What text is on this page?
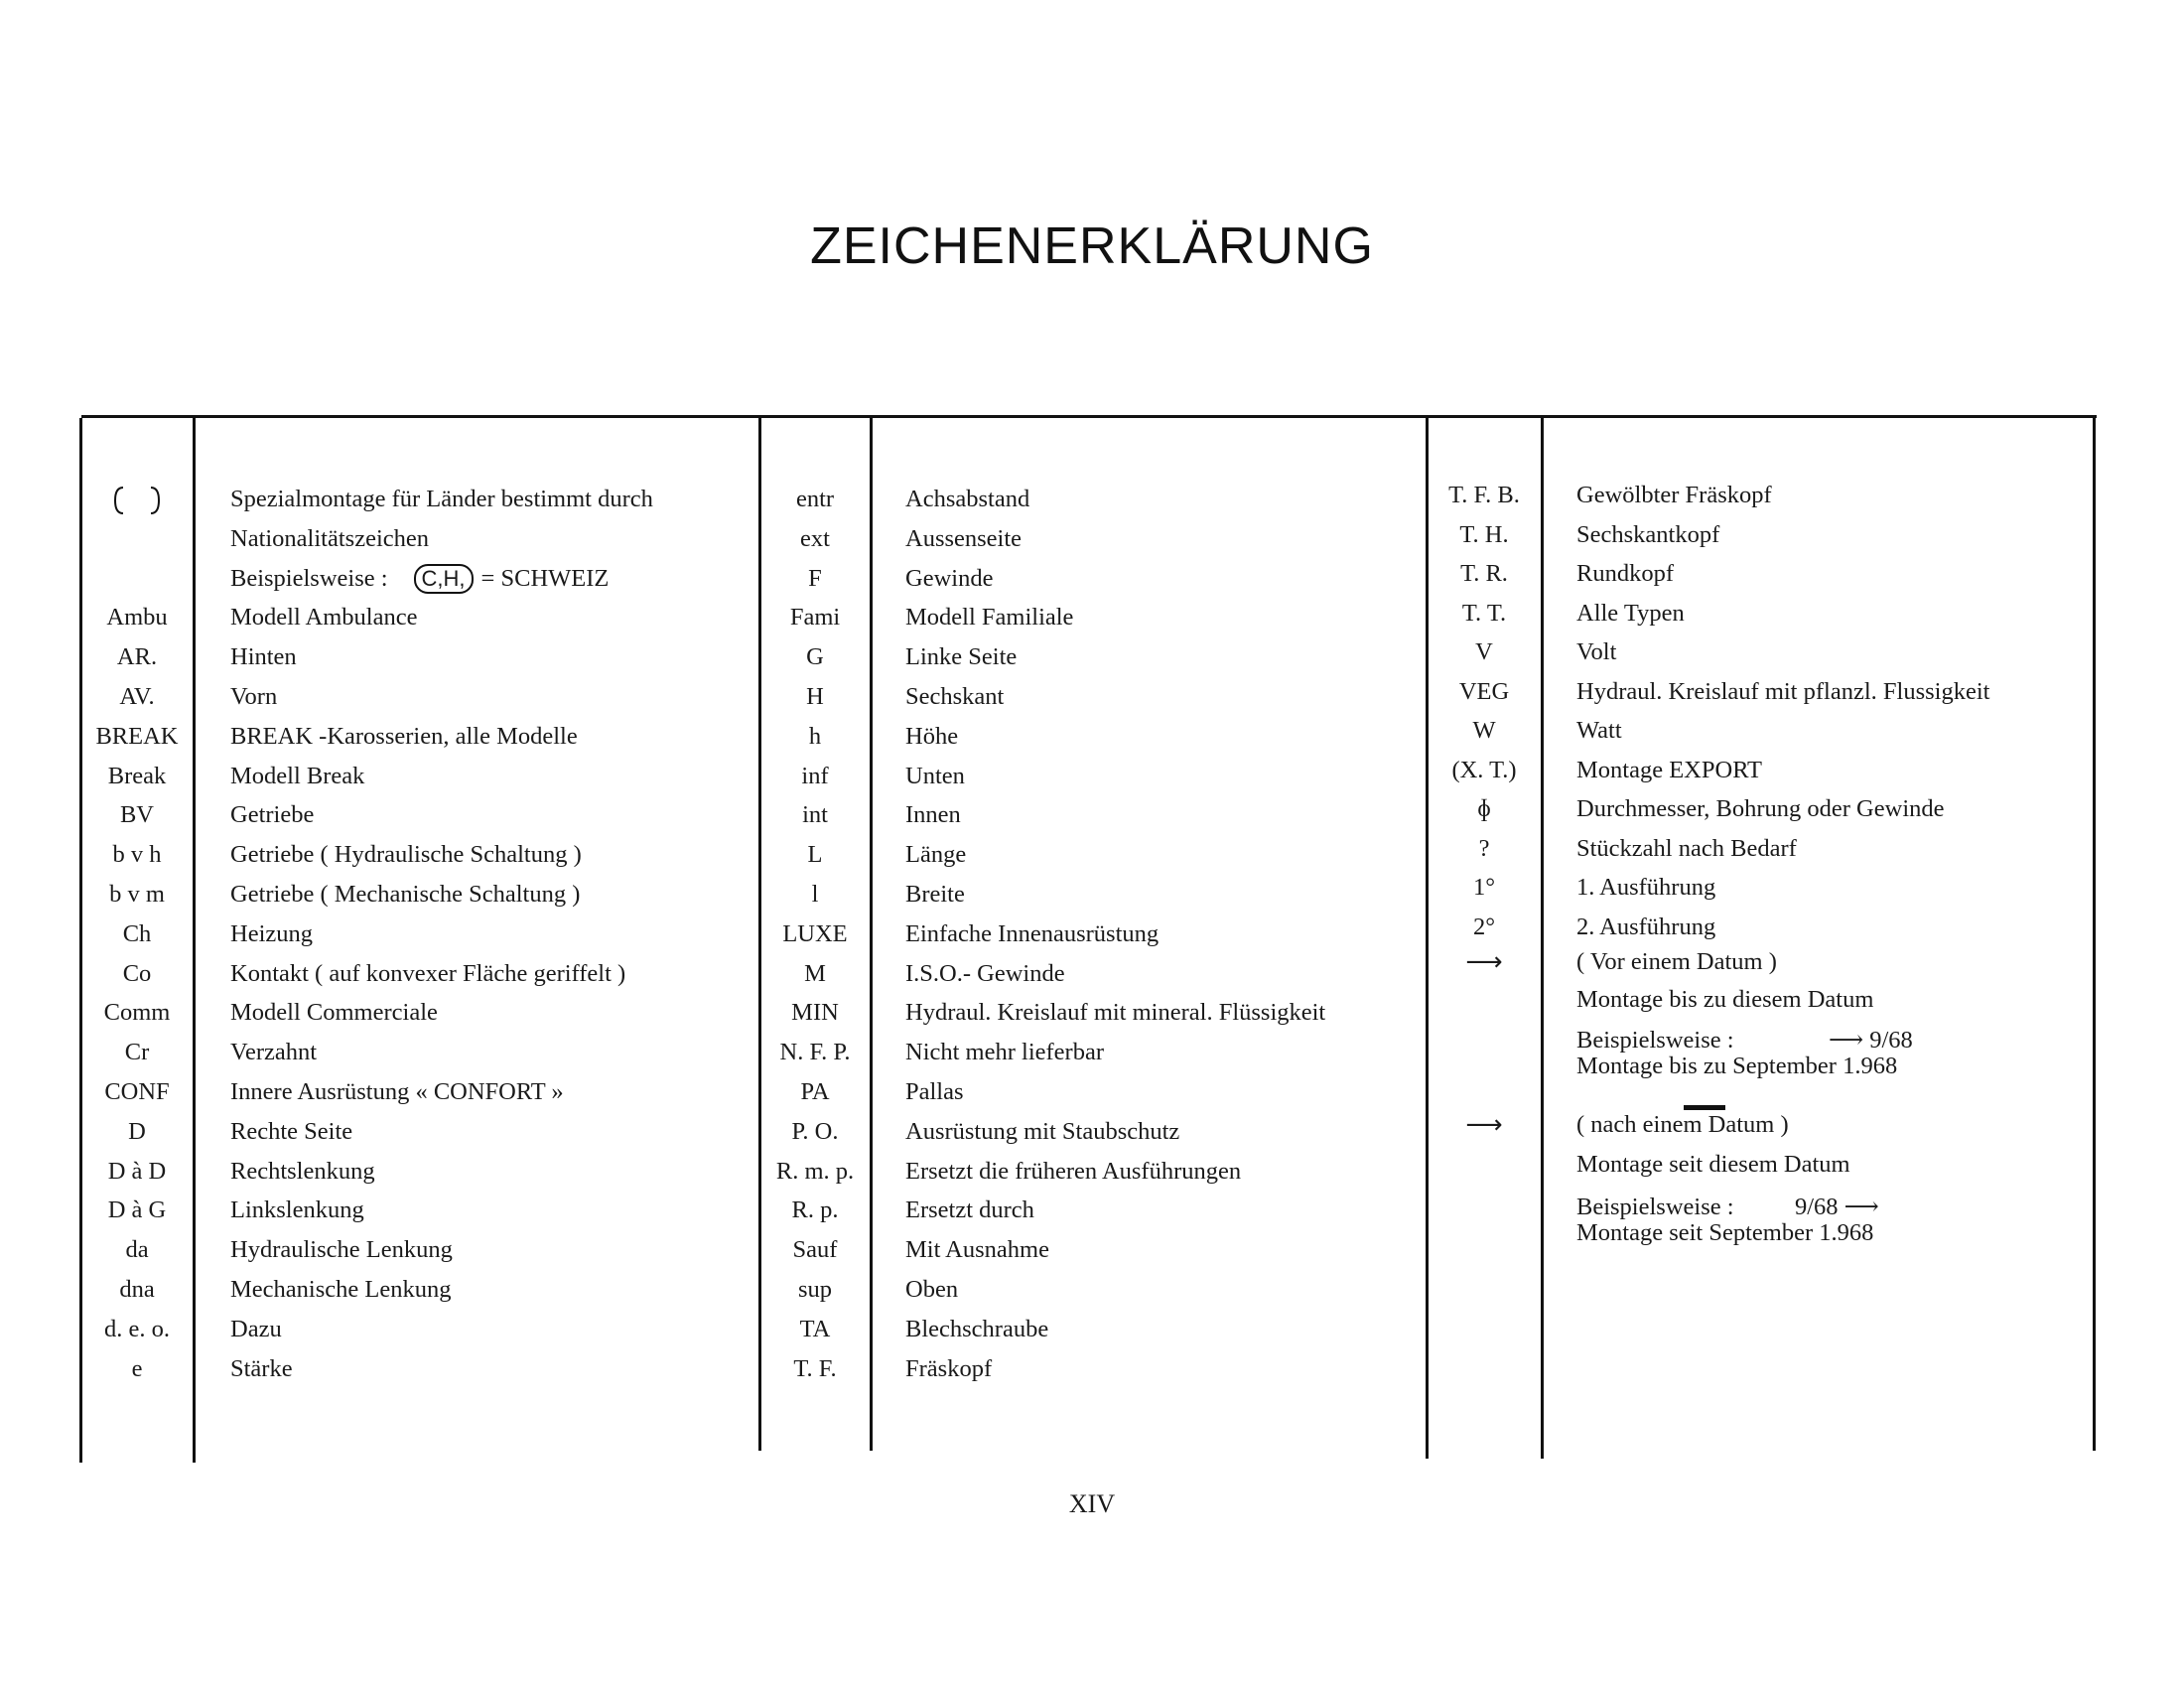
ZEICHENERKLÄRUNG
Spezialmontage für Länder bestimmt durch
Nationalitätszeichen
Beispielsweise : C,H, = SCHWEIZ
Ambu	Modell Ambulance
AR.	Hinten
AV.	Vorn
BREAK	BREAK -Karosserien, alle Modelle
Break	Modell Break
BV	Getriebe
b v h	Getriebe ( Hydraulische Schaltung )
b v m	Getriebe ( Mechanische Schaltung )
Ch	Heizung
Co	Kontakt ( auf konvexer Fläche geriffelt )
Comm	Modell Commerciale
Cr	Verzahnt
CONF	Innere Ausrüstung « CONFORT »
D	Rechte Seite
D à D	Rechtslenkung
D à G	Linkslenkung
da	Hydraulische Lenkung
dna	Mechanische Lenkung
d. e. o.	Dazu
e	Stärke
entr	Achsabstand
ext	Aussenseite
F	Gewinde
Fami	Modell Familiale
G	Linke Seite
H	Sechskant
h	Höhe
inf	Unten
int	Innen
L	Länge
l	Breite
LUXE	Einfache Innenausrüstung
M	I.S.O.- Gewinde
MIN	Hydraul. Kreislauf mit mineral. Flüssigkeit
N. F. P.	Nicht mehr lieferbar
PA	Pallas
P. O.	Ausrüstung mit Staubschutz
R. m. p.	Ersetzt die früheren Ausführungen
R. p.	Ersetzt durch
Sauf	Mit Ausnahme
sup	Oben
TA	Blechschraube
T. F.	Fräskopf
T. F. B.	Gewölbter Fräskopf
T. H.	Sechskantkopf
T. R.	Rundkopf
T. T.	Alle Typen
V	Volt
VEG	Hydraul. Kreislauf mit pflanzl. Flussigkeit
W	Watt
(X. T.)	Montage EXPORT
ɸ	Durchmesser, Bohrung oder Gewinde
?	Stückzahl nach Bedarf
1°	1. Ausführung
2°	2. Ausführung
⟶	( Vor einem Datum )
Montage bis zu diesem Datum
Beispielsweise :	⟶ 9/68
Montage bis zu September 1.968
⟶	( nach einem Datum )
Montage seit diesem Datum
Beispielsweise :	9/68 ⟶
Montage seit September 1.968
XIV
